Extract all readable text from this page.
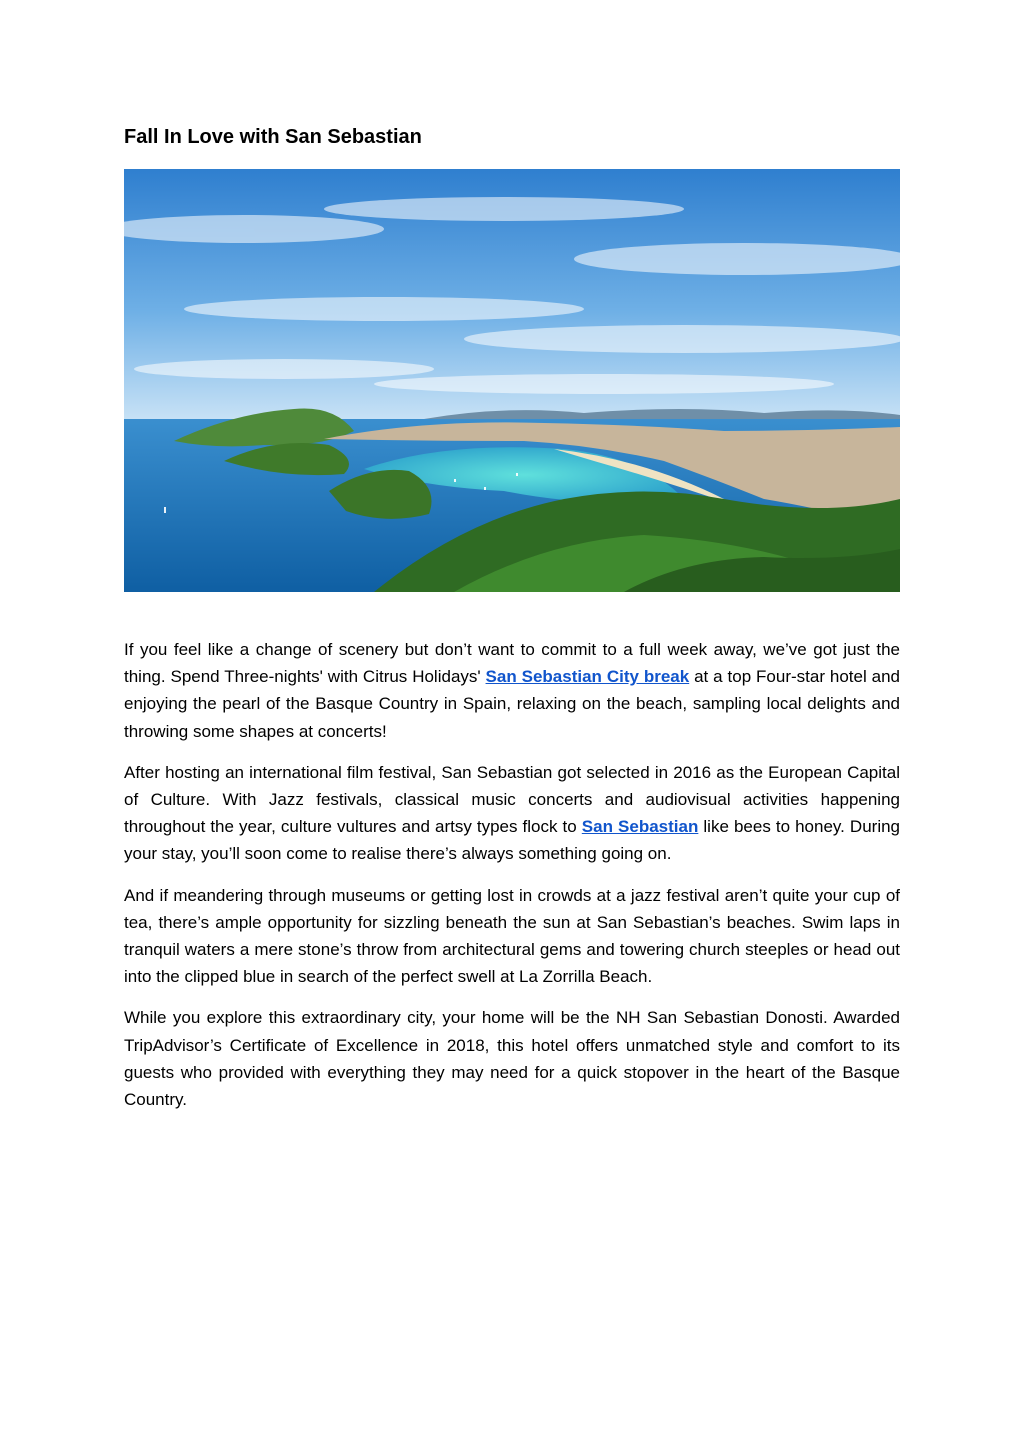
Fall In Love with San Sebastian

If you feel like a change of scenery but don’t want to commit to a full week away, we’ve got just the thing. Spend Three-nights' with Citrus Holidays' San Sebastian City break at a top Four-star hotel and enjoying the pearl of the Basque Country in Spain, relaxing on the beach, sampling local delights and throwing some shapes at concerts!

After hosting an international film festival, San Sebastian got selected in 2016 as the European Capital of Culture. With Jazz festivals, classical music concerts and audiovisual activities happening throughout the year, culture vultures and artsy types flock to San Sebastian like bees to honey. During your stay, you’ll soon come to realise there’s always something going on.

And if meandering through museums or getting lost in crowds at a jazz festival aren’t quite your cup of tea, there’s ample opportunity for sizzling beneath the sun at San Sebastian’s beaches. Swim laps in tranquil waters a mere stone’s throw from architectural gems and towering church steeples or head out into the clipped blue in search of the perfect swell at La Zorrilla Beach.

While you explore this extraordinary city, your home will be the NH San Sebastian Donosti. Awarded TripAdvisor’s Certificate of Excellence in 2018, this hotel offers unmatched style and comfort to its guests who provided with everything they may need for a quick stopover in the heart of the Basque Country.
